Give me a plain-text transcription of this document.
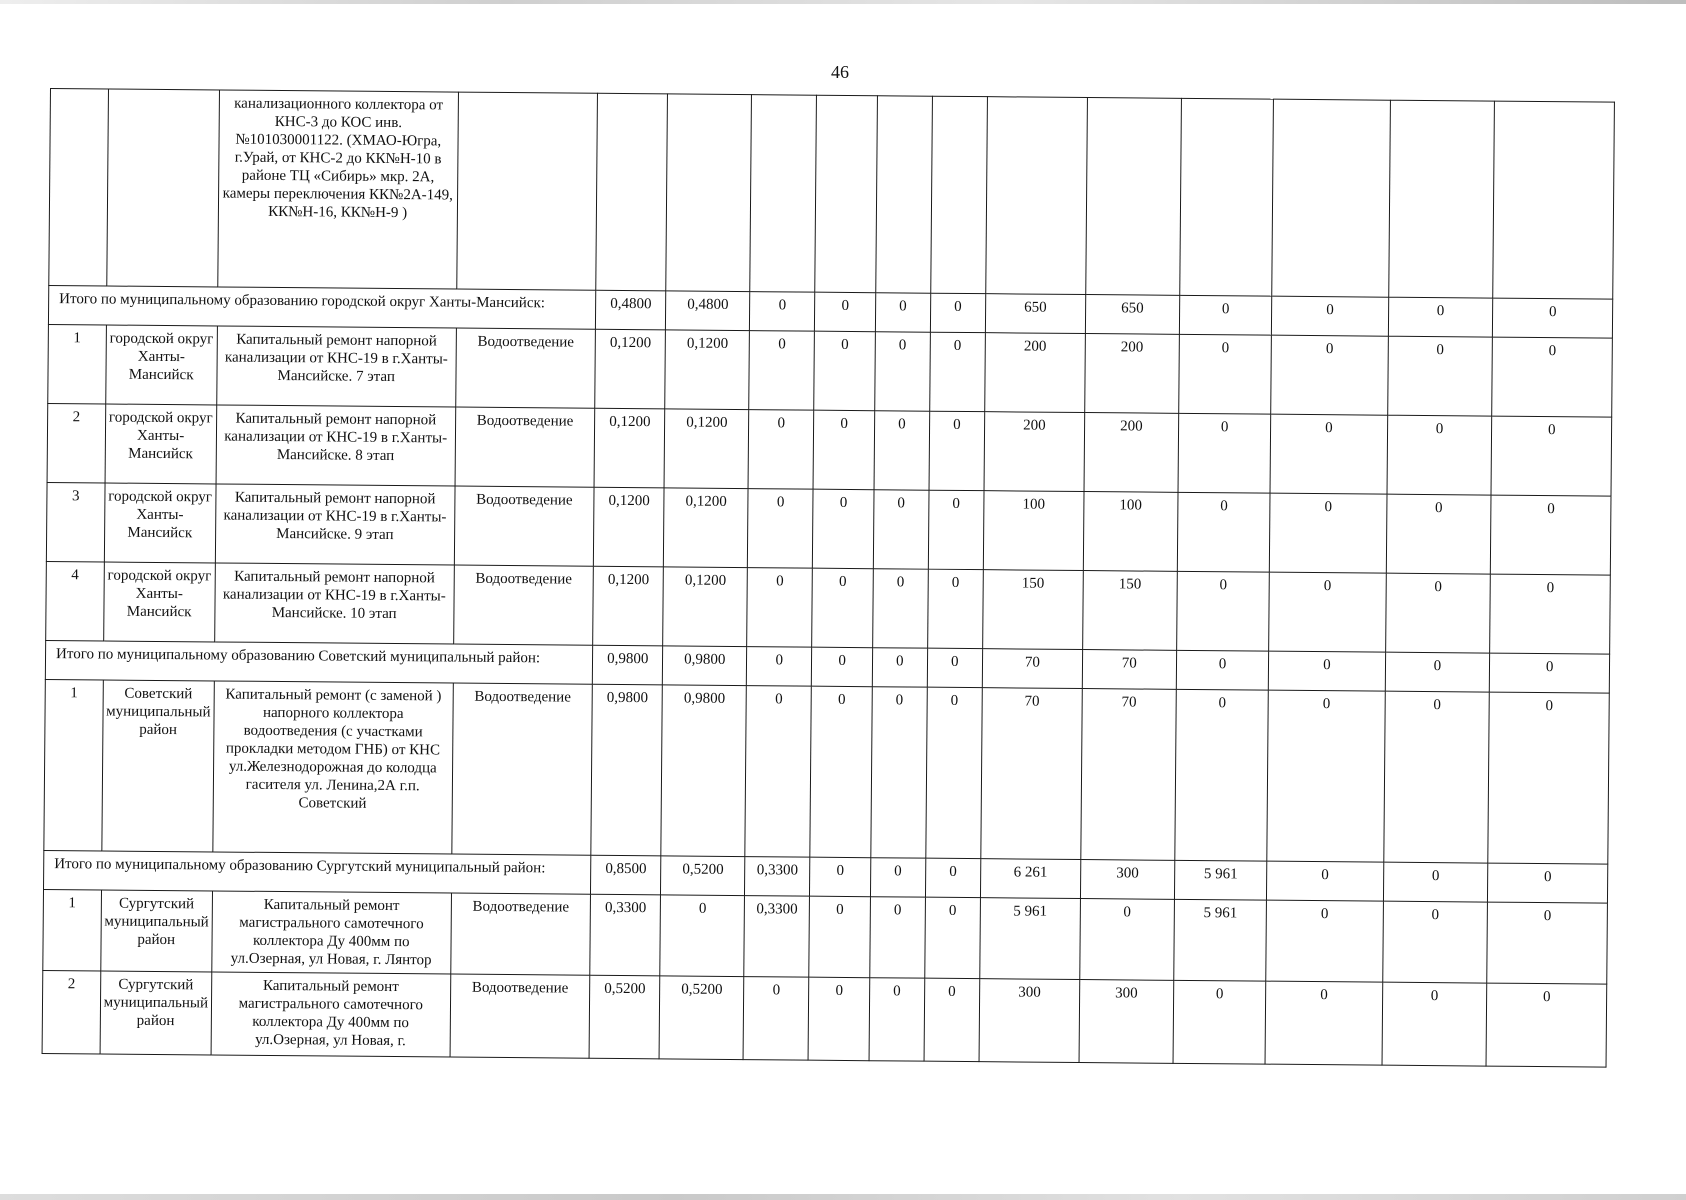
46
		канализационного коллектора от КНС-3 до КОС инв.№101030001122. (ХМАО-Югра, г.Урай, от КНС-2 до КК№Н-10 в районе ТЦ «Сибирь» мкр. 2А, камеры переключения КК№2А-149, КК№Н-16, КК№Н-9 )													
Итого по муниципальному образованию городской округ Ханты-Мансийск:				0,4800	0,4800	0	0	0	0	650	650	0	0	0	0
1	городской округ Ханты-Мансийск	Капитальный ремонт напорной канализации от КНС-19 в г.Ханты-Мансийске. 7 этап	Водоотведение	0,1200	0,1200	0	0	0	0	200	200	0	0	0	0
2	городской округ Ханты-Мансийск	Капитальный ремонт напорной канализации от КНС-19 в г.Ханты-Мансийске. 8 этап	Водоотведение	0,1200	0,1200	0	0	0	0	200	200	0	0	0	0
3	городской округ Ханты-Мансийск	Капитальный ремонт напорной канализации от КНС-19 в г.Ханты-Мансийске. 9 этап	Водоотведение	0,1200	0,1200	0	0	0	0	100	100	0	0	0	0
4	городской округ Ханты-Мансийск	Капитальный ремонт напорной канализации от КНС-19 в г.Ханты-Мансийске. 10 этап	Водоотведение	0,1200	0,1200	0	0	0	0	150	150	0	0	0	0
Итого по муниципальному образованию Советский муниципальный район:				0,9800	0,9800	0	0	0	0	70	70	0	0	0	0
1	Советский муниципальный район	Капитальный ремонт (с заменой ) напорного коллектора водоотведения (с участками прокладки методом ГНБ) от КНС ул.Железнодорожная до колодца гасителя ул. Ленина,2А г.п. Советский	Водоотведение	0,9800	0,9800	0	0	0	0	70	70	0	0	0	0
Итого по муниципальному образованию Сургутский муниципальный район:				0,8500	0,5200	0,3300	0	0	0	6 261	300	5 961	0	0	0
1	Сургутский муниципальный район	Капитальный ремонт магистрального самотечного коллектора Ду 400мм по ул.Озерная, ул Новая, г. Лянтор	Водоотведение	0,3300	0	0,3300	0	0	0	5 961	0	5 961	0	0	0
2	Сургутский муниципальный район	Капитальный ремонт магистрального самотечного коллектора Ду 400мм по ул.Озерная, ул Новая, г.	Водоотведение	0,5200	0,5200	0	0	0	0	300	300	0	0	0	0
